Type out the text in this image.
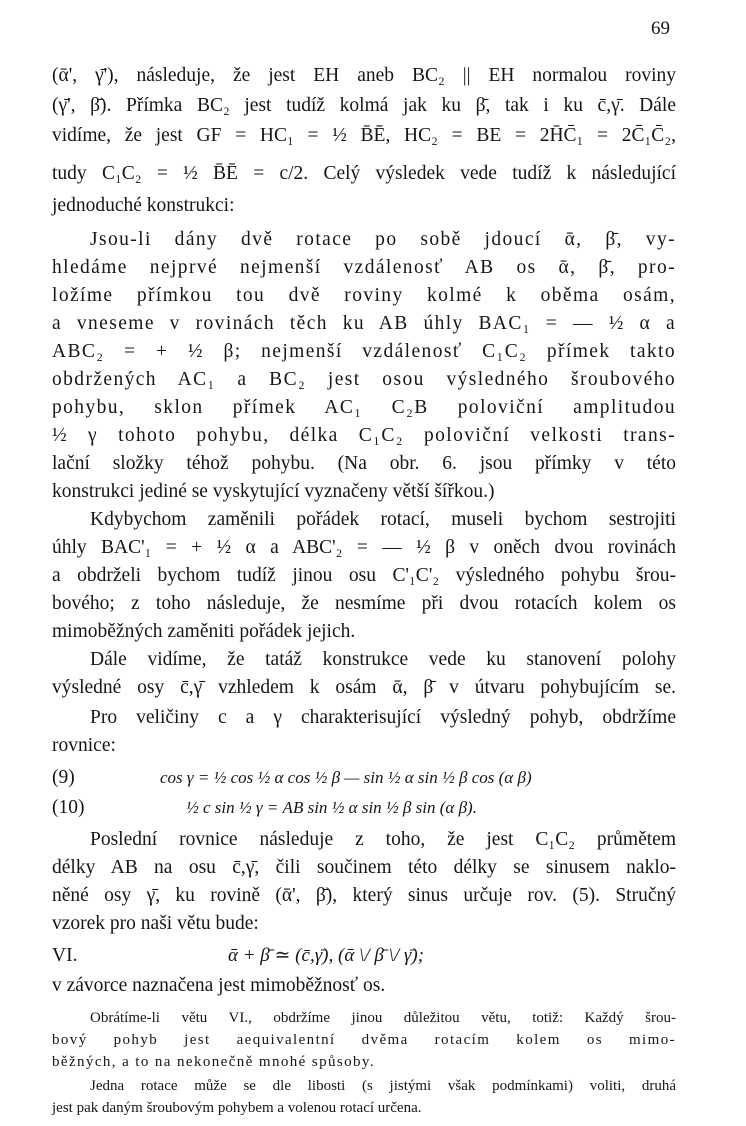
69
(ᾱ', γ̄'), následuje, že jest EH aneb BC₂ || EH normalou roviny
(γ̄', β̄). Přímka BC₂ jest tudíž kolmá jak ku β̄, tak i ku c̄,γ̄. Dále
vidíme, že jest GF = HC₁ = ½ B̄Ē, HC₂ = BE = 2H̄C̄₁ = 2C̄₁C̄₂,
tudy C₁C₂ = ½ B̄Ē = c/2. Celý výsledek vede tudíž k následující
jednoduché konstrukci:
Jsou-li dány dvě rotace po sobě jdoucí ᾱ, β̄, vy-
hledáme nejprvé nejmenší vzdálenosť AB os ᾱ, β̄, pro-
ložíme přímkou tou dvě roviny kolmé k oběma osám,
a vneseme v rovinách těch ku AB úhly BAC₁ = — ½ α a
ABC₂ = + ½ β; nejmenší vzdálenosť C₁C₂ přímek takto
obdržených AC₁ a BC₂ jest osou výsledného šroubového
pohybu, sklon přímek AC₁ C₂B poloviční amplitudou
½ γ tohoto pohybu, délka C₁C₂ poloviční velkosti trans-
lační složky téhož pohybu. (Na obr. 6. jsou přímky v této
konstrukci jediné se vyskytující vyznačeny větší šířkou.)
Kdybychom zaměnili pořádek rotací, museli bychom sestrojiti
úhly BAC'₁ = + ½ α a ABC'₂ = — ½ β v oněch dvou rovinách
a obdrželi bychom tudíž jinou osu C'₁C'₂ výsledného pohybu šrou-
bového; z toho následuje, že nesmíme při dvou rotacích kolem os
mimoběžných zaměniti pořádek jejich.
Dále vidíme, že tatáž konstrukce vede ku stanovení polohy
výsledné osy c̄,γ̄ vzhledem k osám ᾱ, β̄ v útvaru pohybujícím se.
Pro veličiny c a γ charakterisující výsledný pohyb, obdržíme
rovnice:
(9)	cos γ = ½ cos ½ α cos ½ β — sin ½ α sin ½ β cos (α β)
(10)	½ c sin ½ γ = AB sin ½ α sin ½ β sin (α β).
Poslední rovnice následuje z toho, že jest C₁C₂ průmětem
délky AB na osu c̄,γ̄, čili součinem této délky se sinusem naklo-
něné osy γ̄, ku rovině (ᾱ', β̄), který sinus určuje rov. (5). Stručný
vzorek pro naši větu bude:
VI.	ᾱ + β̄ ≃ (c̄,γ̄), (ᾱ \/ β̄ \/ γ̄);
v závorce naznačena jest mimoběžnosť os.
Obrátíme-li větu VI., obdržíme jinou důležitou větu, totiž: Každý šrou-
bový pohyb jest aequivalentní dvěma rotacím kolem os mimo-
běžných, a to na nekonečně mnohé spůsoby.
Jedna rotace může se dle libosti (s jistými však podmínkami) voliti, druhá
jest pak daným šroubovým pohybem a volenou rotací určena.
